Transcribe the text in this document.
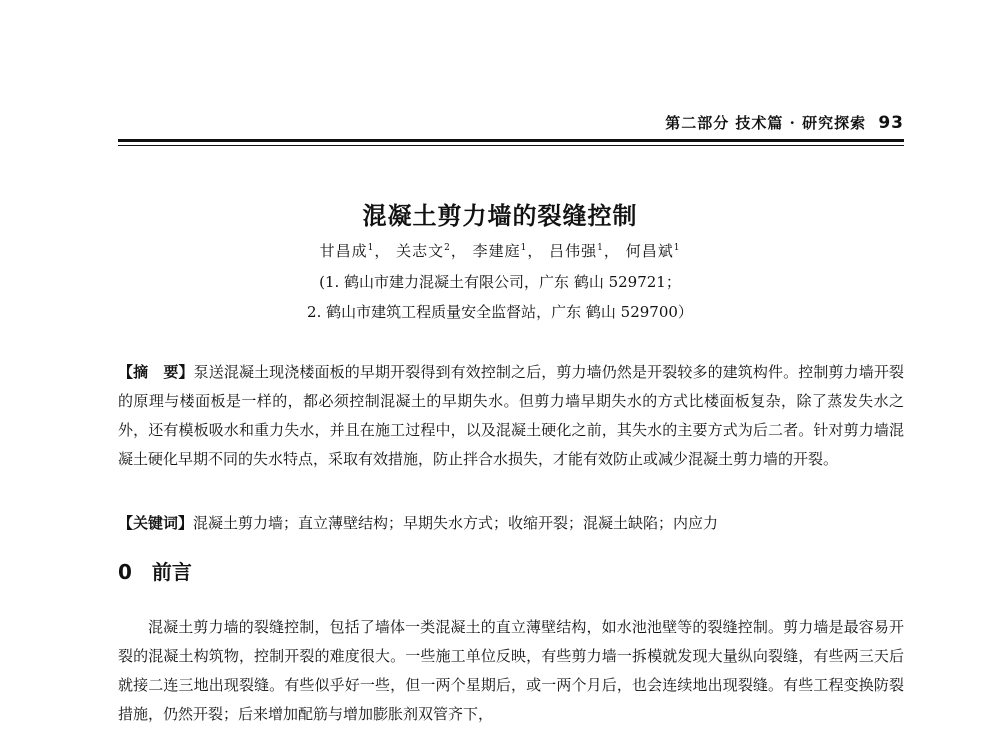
第二部分 技术篇 · 研究探索 93
混凝土剪力墙的裂缝控制
甘昌成$^1$， 关志文$^2$， 李建庭$^1$， 吕伟强$^1$， 何昌斌$^1$
(1. 鹤山市建力混凝土有限公司，广东 鹤山 529721；
2. 鹤山市建筑工程质量安全监督站，广东 鹤山 529700）
【摘　要】泵送混凝土现浇楼面板的早期开裂得到有效控制之后，剪力墙仍然是开裂较多的建筑构件。控制剪力墙开裂的原理与楼面板是一样的，都必须控制混凝土的早期失水。但剪力墙早期失水的方式比楼面板复杂，除了蒸发失水之外，还有模板吸水和重力失水，并且在施工过程中，以及混凝土硬化之前，其失水的主要方式为后二者。针对剪力墙混凝土硬化早期不同的失水特点，采取有效措施，防止拌合水损失，才能有效防止或减少混凝土剪力墙的开裂。
【关键词】混凝土剪力墙；直立薄壁结构；早期失水方式；收缩开裂；混凝土缺陷；内应力
0 前言
混凝土剪力墙的裂缝控制，包括了墙体一类混凝土的直立薄壁结构，如水池池壁等的裂缝控制。剪力墙是最容易开裂的混凝土构筑物，控制开裂的难度很大。一些施工单位反映，有些剪力墙一拆模就发现大量纵向裂缝，有些两三天后就接二连三地出现裂缝。有些似乎好一些，但一两个星期后，或一两个月后，也会连续地出现裂缝。有些工程变换防裂措施，仍然开裂；后来增加配筋与增加膨胀剂双管齐下，
